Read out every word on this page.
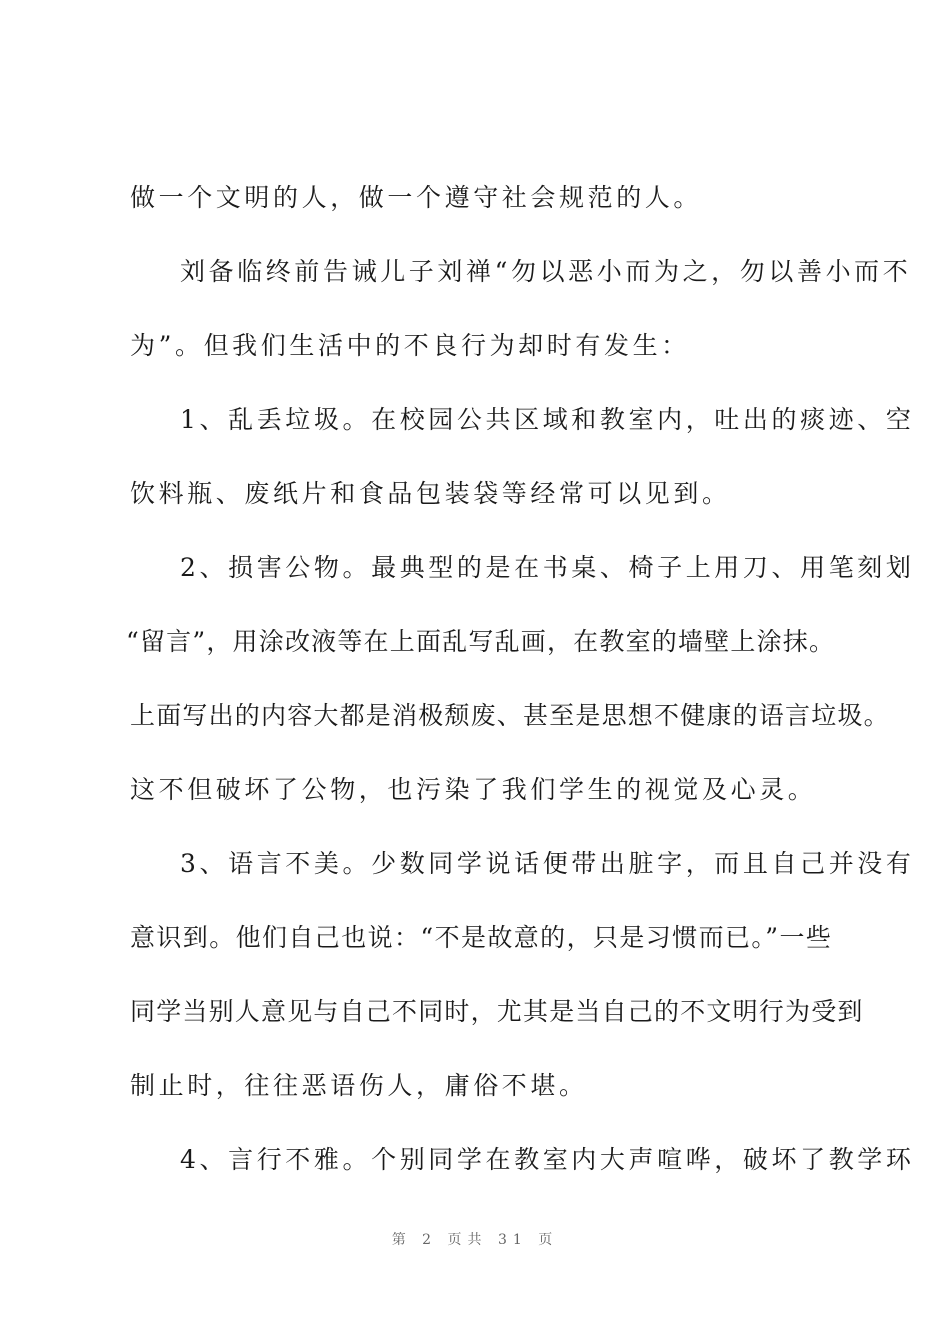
做一个文明的人，做一个遵守社会规范的人。
刘备临终前告诫儿子刘禅“勿以恶小而为之，勿以善小而不
为”。但我们生活中的不良行为却时有发生：
1、乱丢垃圾。在校园公共区域和教室内，吐出的痰迹、空
饮料瓶、废纸片和食品包装袋等经常可以见到。
2、损害公物。最典型的是在书桌、椅子上用刀、用笔刻划
“留言”，用涂改液等在上面乱写乱画，在教室的墙壁上涂抹。
上面写出的内容大都是消极颓废、甚至是思想不健康的语言垃圾。
这不但破坏了公物，也污染了我们学生的视觉及心灵。
3、语言不美。少数同学说话便带出脏字，而且自己并没有
意识到。他们自己也说：“不是故意的，只是习惯而已。”一些
同学当别人意见与自己不同时，尤其是当自己的不文明行为受到
制止时，往往恶语伤人，庸俗不堪。
4、言行不雅。个别同学在教室内大声喧哗，破坏了教学环
第 2 页共 31 页
